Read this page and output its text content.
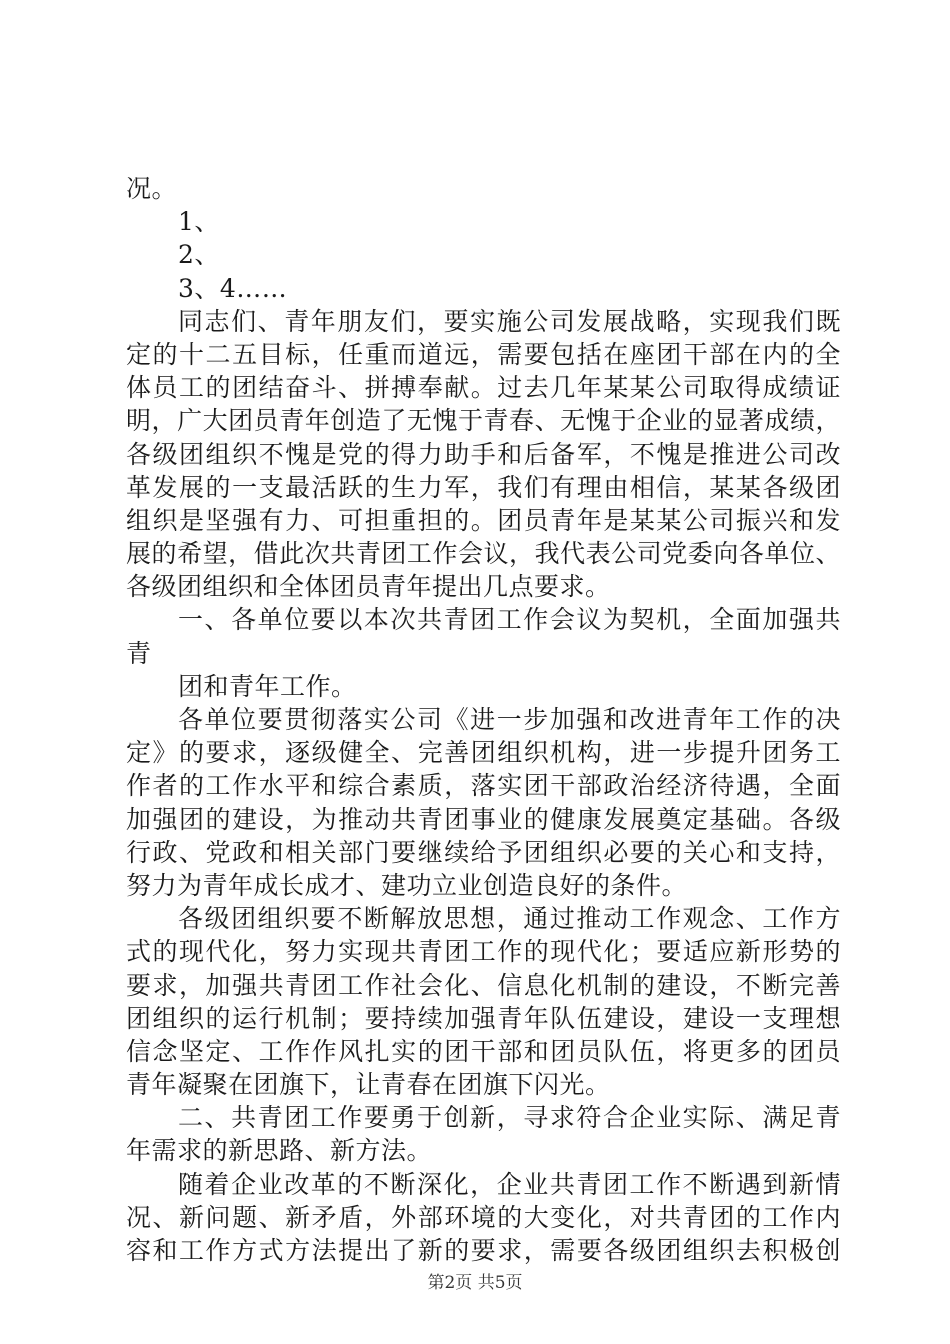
况。
1、
2、
3、4……
同志们、青年朋友们，要实施公司发展战略，实现我们既
定的十二五目标，任重而道远，需要包括在座团干部在内的全
体员工的团结奋斗、拼搏奉献。过去几年某某公司取得成绩证
明，广大团员青年创造了无愧于青春、无愧于企业的显著成绩，
各级团组织不愧是党的得力助手和后备军，不愧是推进公司改
革发展的一支最活跃的生力军，我们有理由相信，某某各级团
组织是坚强有力、可担重担的。团员青年是某某公司振兴和发
展的希望，借此次共青团工作会议，我代表公司党委向各单位、
各级团组织和全体团员青年提出几点要求。
一、各单位要以本次共青团工作会议为契机，全面加强共
青
团和青年工作。
各单位要贯彻落实公司《进一步加强和改进青年工作的决
定》的要求，逐级健全、完善团组织机构，进一步提升团务工
作者的工作水平和综合素质，落实团干部政治经济待遇，全面
加强团的建设，为推动共青团事业的健康发展奠定基础。各级
行政、党政和相关部门要继续给予团组织必要的关心和支持，
努力为青年成长成才、建功立业创造良好的条件。
各级团组织要不断解放思想，通过推动工作观念、工作方
式的现代化，努力实现共青团工作的现代化；要适应新形势的
要求，加强共青团工作社会化、信息化机制的建设，不断完善
团组织的运行机制；要持续加强青年队伍建设，建设一支理想
信念坚定、工作作风扎实的团干部和团员队伍，将更多的团员
青年凝聚在团旗下，让青春在团旗下闪光。
二、共青团工作要勇于创新，寻求符合企业实际、满足青
年需求的新思路、新方法。
随着企业改革的不断深化，企业共青团工作不断遇到新情
况、新问题、新矛盾，外部环境的大变化，对共青团的工作内
容和工作方式方法提出了新的要求，需要各级团组织去积极创
第2页 共5页
